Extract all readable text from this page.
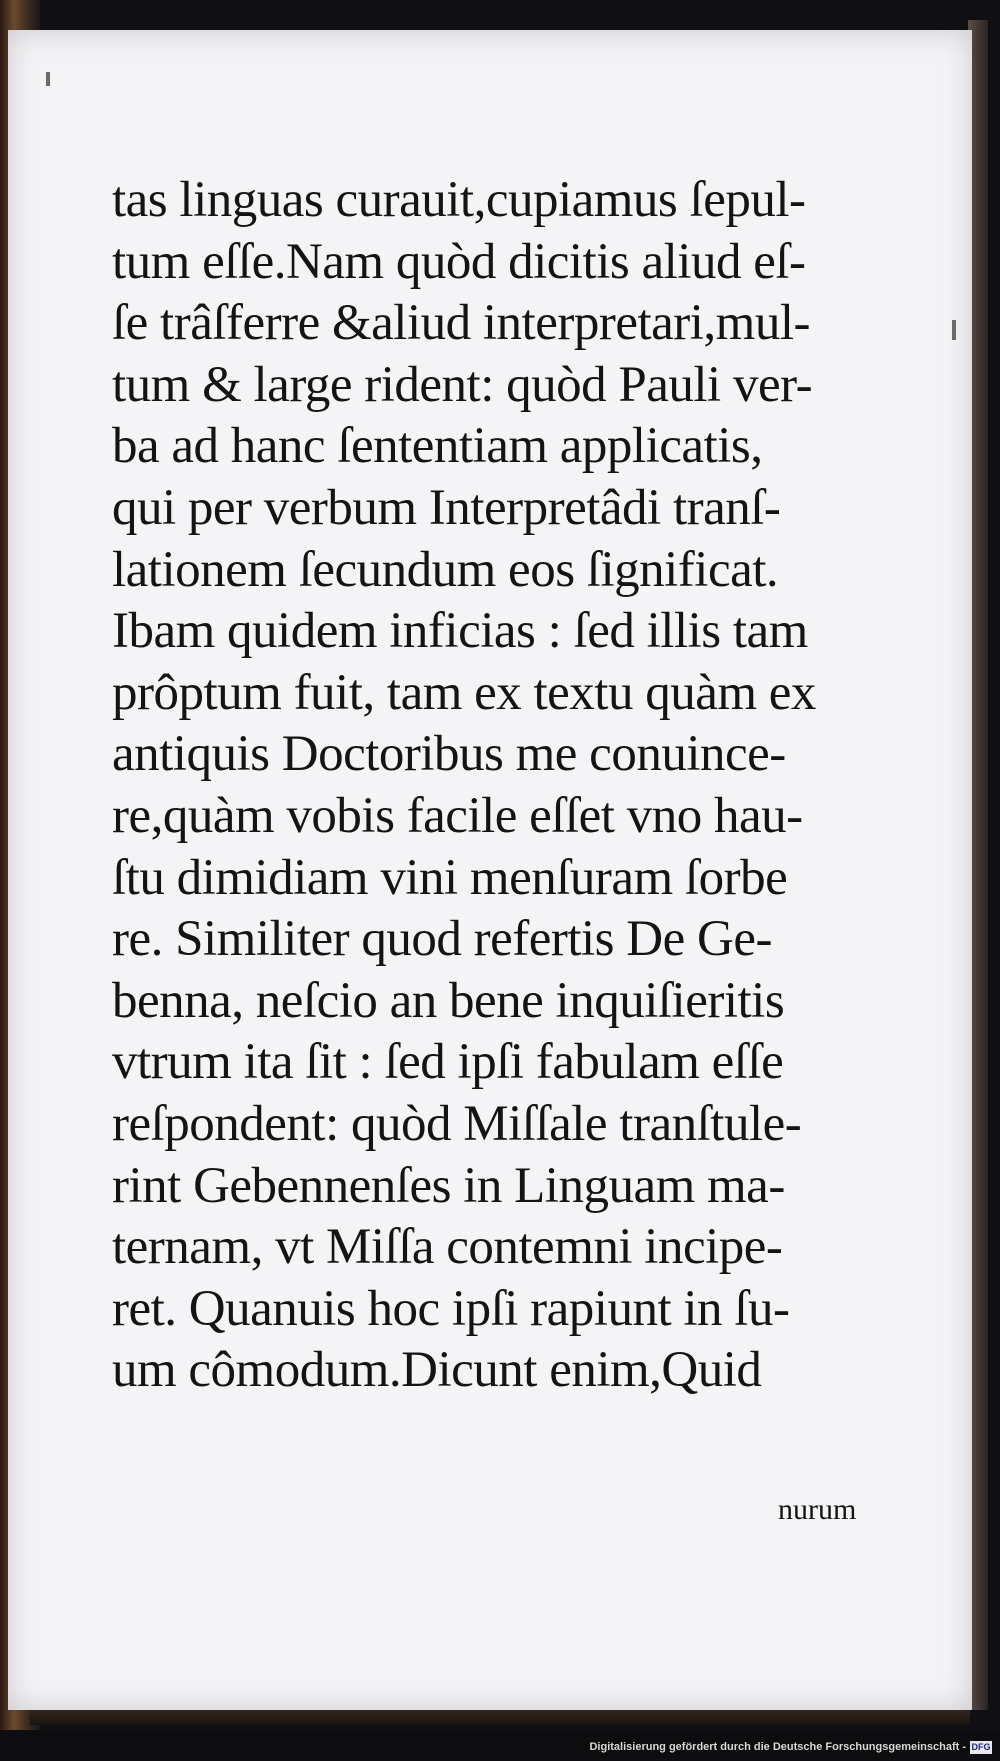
tas linguas curauit,cupiamus ſepul-
tum eſſe.Nam quòd dicitis aliud eſ-
ſe trâſferre &aliud interpretari,mul-
tum & large rident: quòd Pauli ver-
ba ad hanc ſententiam applicatis,
qui per verbum Interpretâdi tranſ-
lationem ſecundum eos ſignificat.
Ibam quidem inficias : ſed illis tam
prôptum fuit, tam ex textu quàm ex
antiquis Doctoribus me conuince-
re,quàm vobis facile eſſet vno hau-
ſtu dimidiam vini menſuram ſorbe
re. Similiter quod refertis De Ge-
benna, neſcio an bene inquiſieritis
vtrum ita ſit : ſed ipſi fabulam eſſe
reſpondent: quòd Miſſale tranſtule-
rint Gebennenſes in Linguam ma-
ternam, vt Miſſa contemni incipe-
ret. Quanuis hoc ipſi rapiunt in ſu-
um cômodum.Dicunt enim,Quid
nurum
Digitalisierung gefördert durch die Deutsche Forschungsgemeinschaft - DFG
